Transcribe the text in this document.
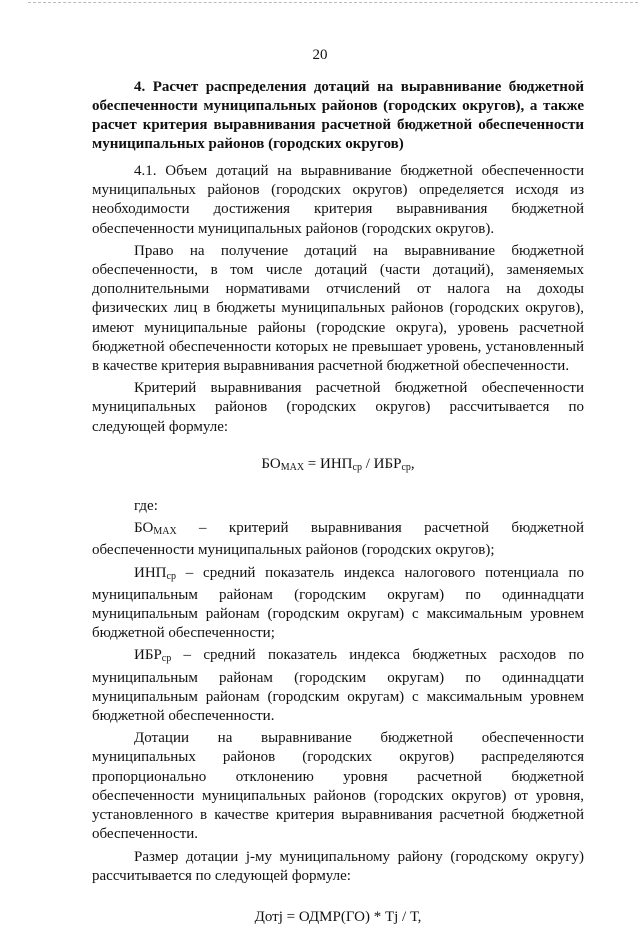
20
4. Расчет распределения дотаций на выравнивание бюджетной обеспеченности муниципальных районов (городских округов), а также расчет критерия выравнивания расчетной бюджетной обеспеченности муниципальных районов (городских округов)

4.1. Объем дотаций на выравнивание бюджетной обеспеченности муниципальных районов (городских округов) определяется исходя из необходимости достижения критерия выравнивания бюджетной обеспеченности муниципальных районов (городских округов).

Право на получение дотаций на выравнивание бюджетной обеспеченности, в том числе дотаций (части дотаций), заменяемых дополнительными нормативами отчислений от налога на доходы физических лиц в бюджеты муниципальных районов (городских округов), имеют муниципальные районы (городские округа), уровень расчетной бюджетной обеспеченности которых не превышает уровень, установленный в качестве критерия выравнивания расчетной бюджетной обеспеченности.

Критерий выравнивания расчетной бюджетной обеспеченности муниципальных районов (городских округов) рассчитывается по следующей формуле:

БОMAX = $ИНП_{ср} / ИБР_{ср}$,

где:

БОMAX – критерий выравнивания расчетной бюджетной обеспеченности муниципальных районов (городских округов);

$ИНП_{ср}$ – средний показатель индекса налогового потенциала по муниципальным районам (городским округам) по одиннадцати муниципальным районам (городским округам) с максимальным уровнем бюджетной обеспеченности;

$ИБР_{ср}$ – средний показатель индекса бюджетных расходов по муниципальным районам (городским округам) по одиннадцати муниципальным районам (городским округам) с максимальным уровнем бюджетной обеспеченности.

Дотации на выравнивание бюджетной обеспеченности муниципальных районов (городских округов) распределяются пропорционально отклонению уровня расчетной бюджетной обеспеченности муниципальных районов (городских округов) от уровня, установленного в качестве критерия выравнивания расчетной бюджетной обеспеченности.

Размер дотации j-му муниципальному району (городскому округу) рассчитывается по следующей формуле:

Дотj = ОДМР(ГО) * Тj / Т,
